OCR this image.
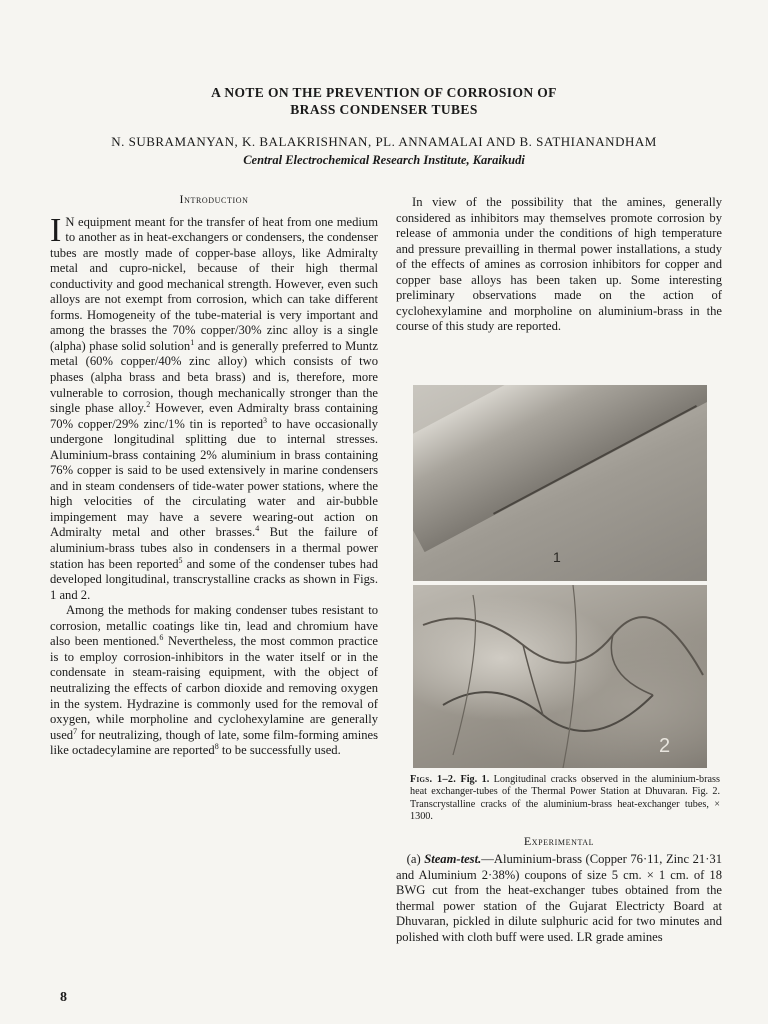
A NOTE ON THE PREVENTION OF CORROSION OF
BRASS CONDENSER TUBES
N. SUBRAMANYAN, K. BALAKRISHNAN, PL. ANNAMALAI AND B. SATHIANANDHAM
Central Electrochemical Research Institute, Karaikudi
Introduction

I N equipment meant for the transfer of heat from one medium to another as in heat-exchangers or condensers, the condenser tubes are mostly made of copper-base alloys, like Admiralty metal and cupro-nickel, because of their high thermal conductivity and good mechanical strength. However, even such alloys are not exempt from corrosion, which can take different forms. Homogeneity of the tube-material is very important and among the brasses the 70% copper/30% zinc alloy is a single (alpha) phase solid solution$^1$ and is generally preferred to Muntz metal (60% copper/40% zinc alloy) which consists of two phases (alpha brass and beta brass) and is, therefore, more vulnerable to corrosion, though mechanically stronger than the single phase alloy.$^2$ However, even Admiralty brass containing 70% copper/29% zinc/1% tin is reported$^3$ to have occasionally undergone longitudinal splitting due to internal stresses. Aluminium-brass containing 2% aluminium in brass containing 76% copper is said to be used extensively in marine condensers and in steam condensers of tide-water power stations, where the high velocities of the circulating water and air-bubble impingement may have a severe wearing-out action on Admiralty metal and other brasses.$^4$ But the failure of aluminium-brass tubes also in condensers in a thermal power station has been reported$^5$ and some of the condenser tubes had developed longitudinal, transcrystalline cracks as shown in Figs. 1 and 2.

Among the methods for making condenser tubes resistant to corrosion, metallic coatings like tin, lead and chromium have also been mentioned.$^6$ Nevertheless, the most common practice is to employ corrosion-inhibitors in the water itself or in the condensate in steam-raising equipment, with the object of neutralizing the effects of carbon dioxide and removing oxygen in the system. Hydrazine is commonly used for the removal of oxygen, while morpholine and cyclohexylamine are generally used$^7$ for neutralizing, though of late, some film-forming amines like octadecylamine are reported$^8$ to be successfully used.

In view of the possibility that the amines, generally considered as inhibitors may themselves promote corrosion by release of ammonia under the conditions of high temperature and pressure prevailling in thermal power installations, a study of the effects of amines as corrosion inhibitors for copper and copper base alloys has been taken up. Some interesting preliminary observations made on the action of cyclohexylamine and morpholine on aluminium-brass in the course of this study are reported.

1
2
Figs. 1–2. Fig. 1. Longitudinal cracks observed in the aluminium-brass heat exchanger-tubes of the Thermal Power Station at Dhuvaran. Fig. 2. Transcrystalline cracks of the aluminium-brass heat-exchanger tubes, × 1300.
Experimental
(a) Steam-test.—Aluminium-brass (Copper 76·11, Zinc 21·31 and Aluminium 2·38%) coupons of size 5 cm. × 1 cm. of 18 BWG cut from the heat-exchanger tubes obtained from the thermal power station of the Gujarat Electricty Board at Dhuvaran, pickled in dilute sulphuric acid for two minutes and polished with cloth buff were used. LR grade amines
8
